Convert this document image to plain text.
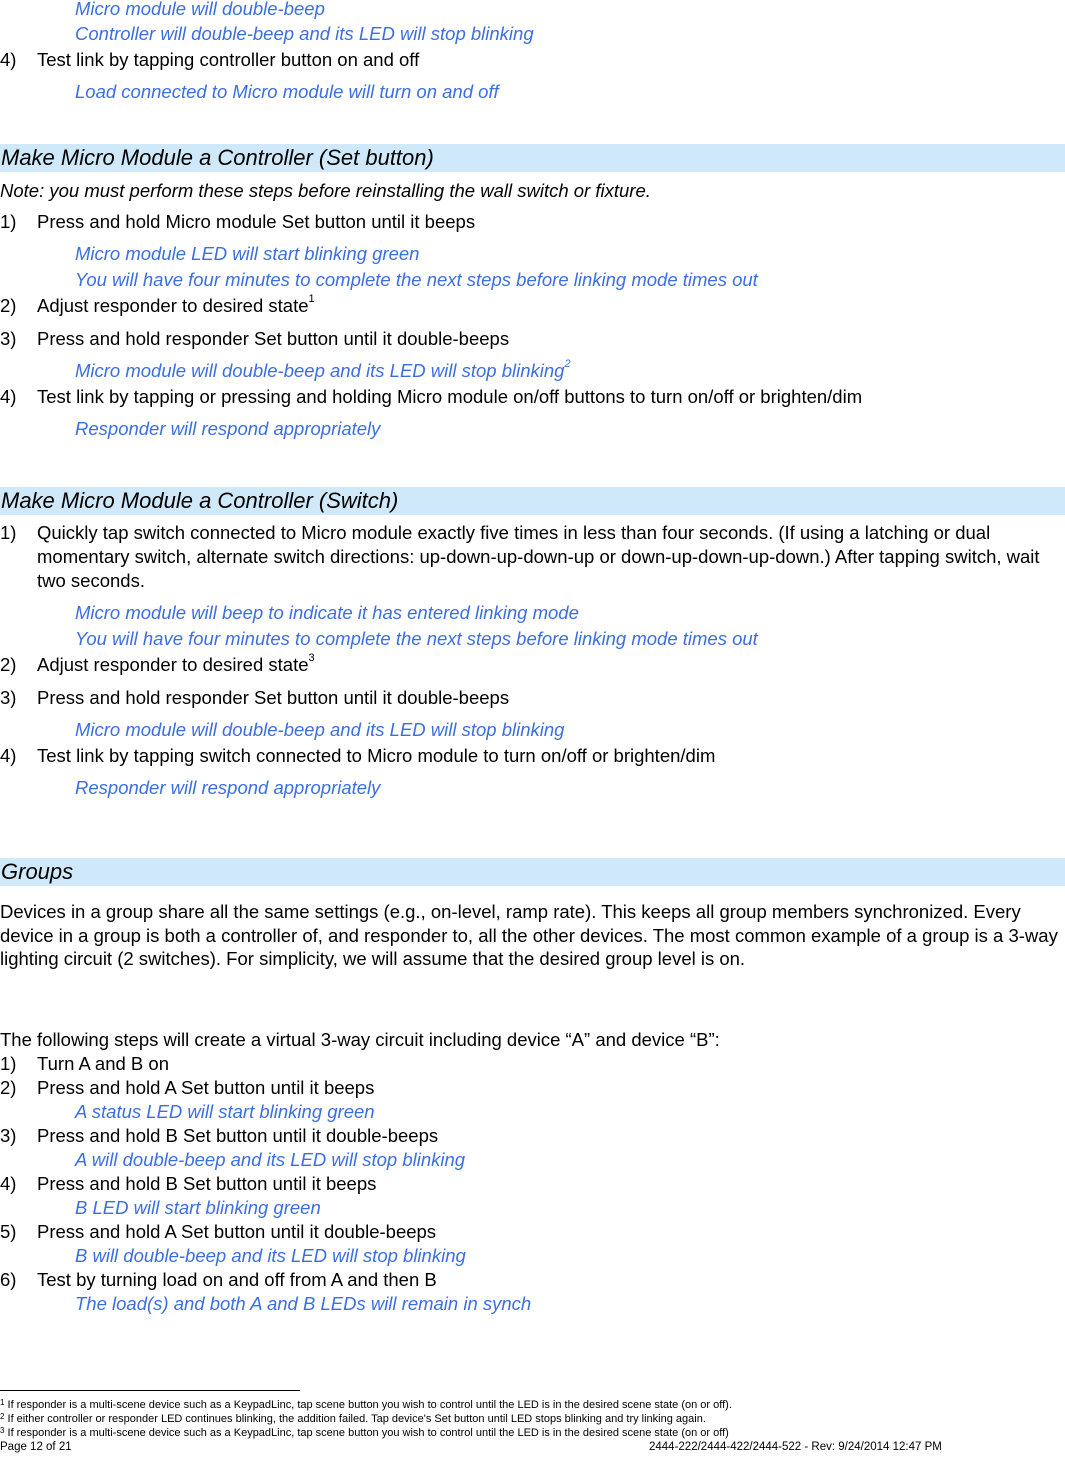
Micro module will double-beep
Controller will double-beep and its LED will stop blinking
4) Test link by tapping controller button on and off
Load connected to Micro module will turn on and off
Make Micro Module a Controller (Set button)
Note: you must perform these steps before reinstalling the wall switch or fixture.
1) Press and hold Micro module Set button until it beeps
Micro module LED will start blinking green
You will have four minutes to complete the next steps before linking mode times out
2) Adjust responder to desired state$^1$
3) Press and hold responder Set button until it double-beeps
Micro module will double-beep and its LED will stop blinking$^2$
4) Test link by tapping or pressing and holding Micro module on/off buttons to turn on/off or brighten/dim
Responder will respond appropriately
Make Micro Module a Controller (Switch)
1) Quickly tap switch connected to Micro module exactly five times in less than four seconds. (If using a latching or dual momentary switch, alternate switch directions: up-down-up-down-up or down-up-down-up-down.) After tapping switch, wait two seconds.
Micro module will beep to indicate it has entered linking mode
You will have four minutes to complete the next steps before linking mode times out
2) Adjust responder to desired state$^3$
3) Press and hold responder Set button until it double-beeps
Micro module will double-beep and its LED will stop blinking
4) Test link by tapping switch connected to Micro module to turn on/off or brighten/dim
Responder will respond appropriately
Groups
Devices in a group share all the same settings (e.g., on-level, ramp rate). This keeps all group members synchronized. Every device in a group is both a controller of, and responder to, all the other devices. The most common example of a group is a 3-way lighting circuit (2 switches). For simplicity, we will assume that the desired group level is on.
The following steps will create a virtual 3-way circuit including device “A” and device “B”:
1) Turn A and B on
2) Press and hold A Set button until it beeps
A status LED will start blinking green
3) Press and hold B Set button until it double-beeps
A will double-beep and its LED will stop blinking
4) Press and hold B Set button until it beeps
B LED will start blinking green
5) Press and hold A Set button until it double-beeps
B will double-beep and its LED will stop blinking
6) Test by turning load on and off from A and then B
The load(s) and both A and B LEDs will remain in synch
$^1$ If responder is a multi-scene device such as a KeypadLinc, tap scene button you wish to control until the LED is in the desired scene state (on or off).
$^2$ If either controller or responder LED continues blinking, the addition failed. Tap device's Set button until LED stops blinking and try linking again.
$^3$ If responder is a multi-scene device such as a KeypadLinc, tap scene button you wish to control until the LED is in the desired scene state (on or off)
Page 12 of 21	2444-222/2444-422/2444-522 - Rev: 9/24/2014 12:47 PM
